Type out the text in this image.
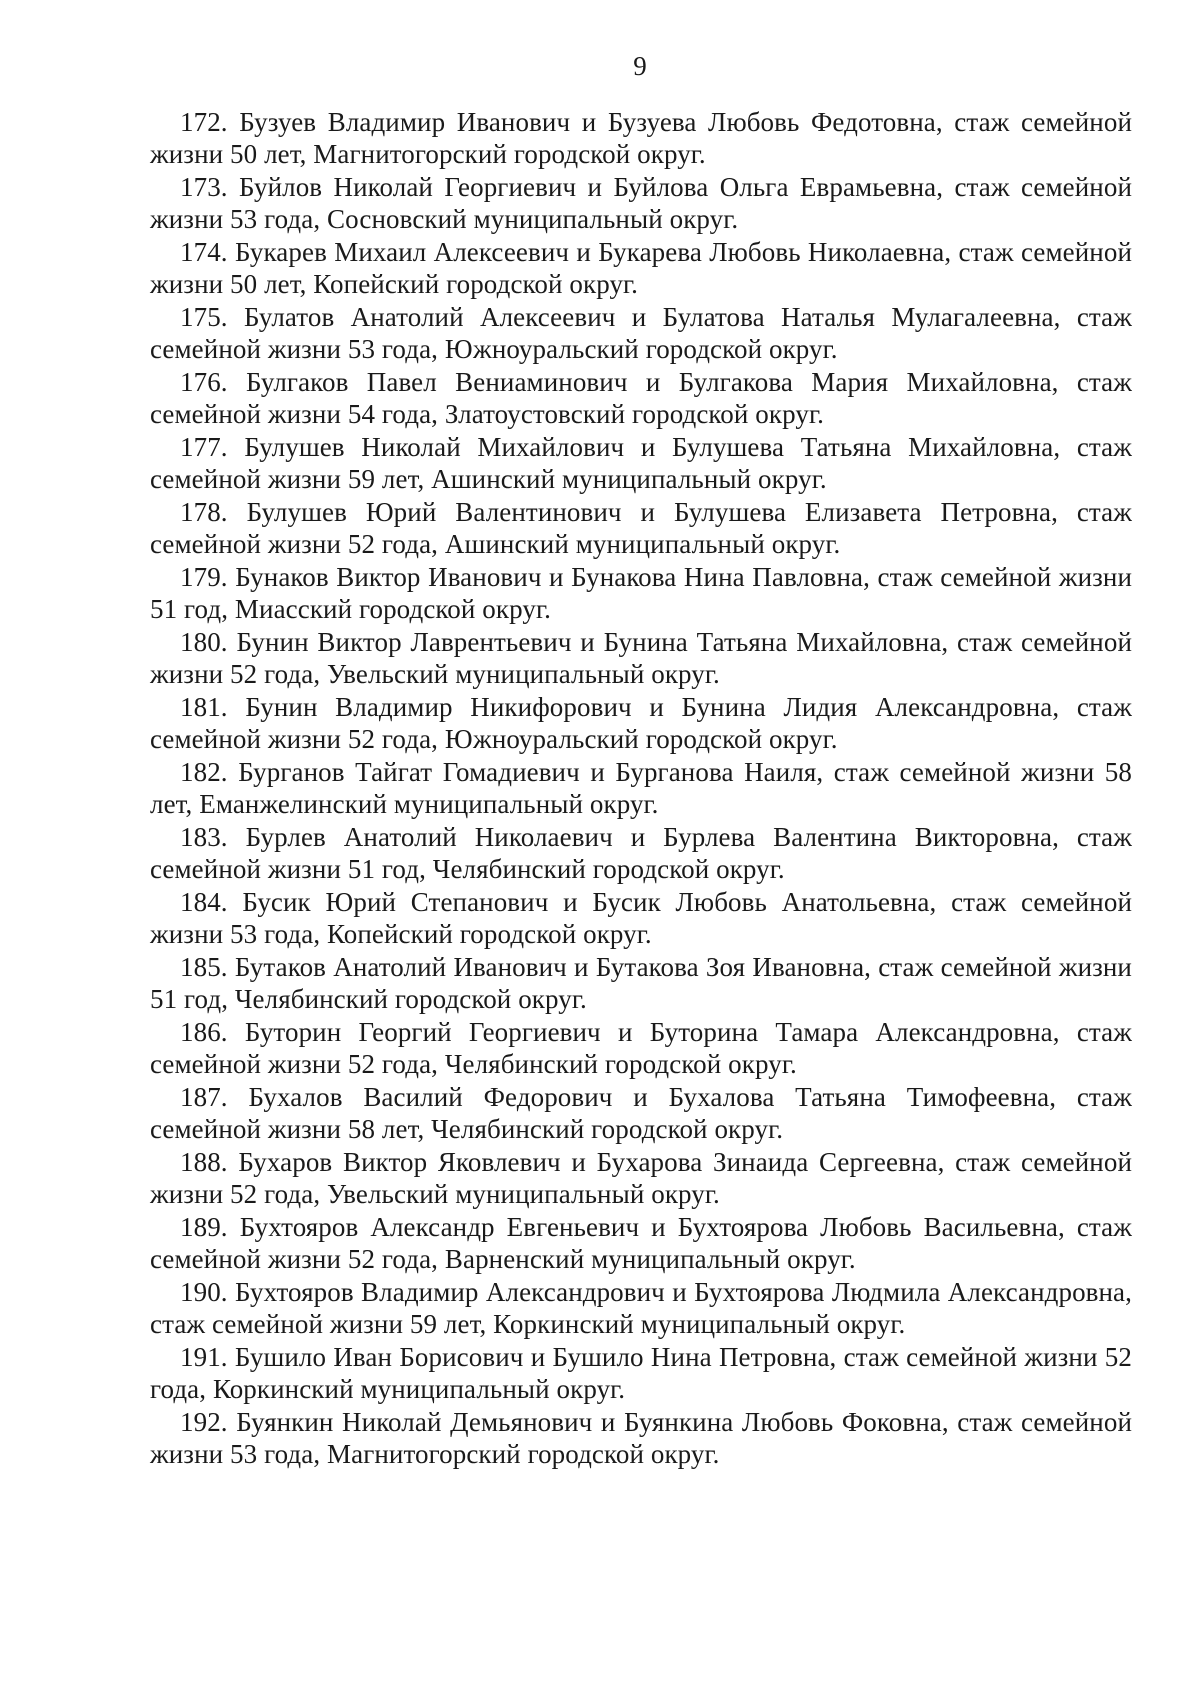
9

172. Бузуев Владимир Иванович и Бузуева Любовь Федотовна, стаж семейной жизни 50 лет, Магнитогорский городской округ.

173. Буйлов Николай Георгиевич и Буйлова Ольга Еврамьевна, стаж семейной жизни 53 года, Сосновский муниципальный округ.

174. Букарев Михаил Алексеевич и Букарева Любовь Николаевна, стаж семейной жизни 50 лет, Копейский городской округ.

175. Булатов Анатолий Алексеевич и Булатова Наталья Мулагалеевна, стаж семейной жизни 53 года, Южноуральский городской округ.

176. Булгаков Павел Вениаминович и Булгакова Мария Михайловна, стаж семейной жизни 54 года, Златоустовский городской округ.

177. Булушев Николай Михайлович и Булушева Татьяна Михайловна, стаж семейной жизни 59 лет, Ашинский муниципальный округ.

178. Булушев Юрий Валентинович и Булушева Елизавета Петровна, стаж семейной жизни 52 года, Ашинский муниципальный округ.

179. Бунаков Виктор Иванович и Бунакова Нина Павловна, стаж семейной жизни 51 год, Миасский городской округ.

180. Бунин Виктор Лаврентьевич и Бунина Татьяна Михайловна, стаж семейной жизни 52 года, Увельский муниципальный округ.

181. Бунин Владимир Никифорович и Бунина Лидия Александровна, стаж семейной жизни 52 года, Южноуральский городской округ.

182. Бурганов Тайгат Гомадиевич и Бурганова Наиля, стаж семейной жизни 58 лет, Еманжелинский муниципальный округ.

183. Бурлев Анатолий Николаевич и Бурлева Валентина Викторовна, стаж семейной жизни 51 год, Челябинский городской округ.

184. Бусик Юрий Степанович и Бусик Любовь Анатольевна, стаж семейной жизни 53 года, Копейский городской округ.

185. Бутаков Анатолий Иванович и Бутакова Зоя Ивановна, стаж семейной жизни 51 год, Челябинский городской округ.

186. Буторин Георгий Георгиевич и Буторина Тамара Александровна, стаж семейной жизни 52 года, Челябинский городской округ.

187. Бухалов Василий Федорович и Бухалова Татьяна Тимофеевна, стаж семейной жизни 58 лет, Челябинский городской округ.

188. Бухаров Виктор Яковлевич и Бухарова Зинаида Сергеевна, стаж семейной жизни 52 года, Увельский муниципальный округ.

189. Бухтояров Александр Евгеньевич и Бухтоярова Любовь Васильевна, стаж семейной жизни 52 года, Варненский муниципальный округ.

190. Бухтояров Владимир Александрович и Бухтоярова Людмила Александровна, стаж семейной жизни 59 лет, Коркинский муниципальный округ.

191. Бушило Иван Борисович и Бушило Нина Петровна, стаж семейной жизни 52 года, Коркинский муниципальный округ.

192. Буянкин Николай Демьянович и Буянкина Любовь Фоковна, стаж семейной жизни 53 года, Магнитогорский городской округ.
